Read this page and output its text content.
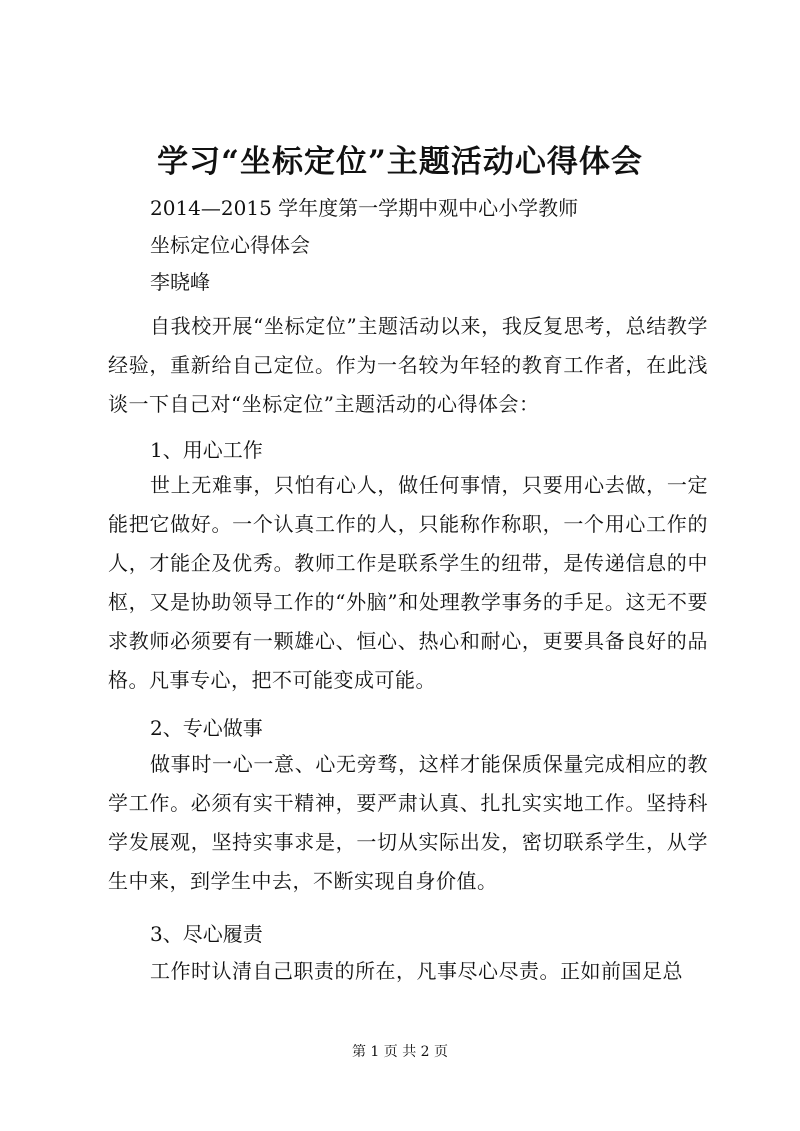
学习“坐标定位”主题活动心得体会

2014—2015 学年度第一学期中观中心小学教师

坐标定位心得体会

李晓峰

自我校开展“坐标定位”主题活动以来，我反复思考，总结教学经验，重新给自己定位。作为一名较为年轻的教育工作者，在此浅谈一下自己对“坐标定位”主题活动的心得体会：

1、用心工作

世上无难事，只怕有心人，做任何事情，只要用心去做，一定能把它做好。一个认真工作的人，只能称作称职，一个用心工作的人，才能企及优秀。教师工作是联系学生的纽带，是传递信息的中枢，又是协助领导工作的“外脑”和处理教学事务的手足。这无不要求教师必须要有一颗雄心、恒心、热心和耐心，更要具备良好的品格。凡事专心，把不可能变成可能。

2、专心做事

做事时一心一意、心无旁骛，这样才能保质保量完成相应的教学工作。必须有实干精神，要严肃认真、扎扎实实地工作。坚持科学发展观，坚持实事求是，一切从实际出发，密切联系学生，从学生中来，到学生中去，不断实现自身价值。

3、尽心履责

工作时认清自己职责的所在，凡事尽心尽责。正如前国足总

第 1 页 共 2 页
